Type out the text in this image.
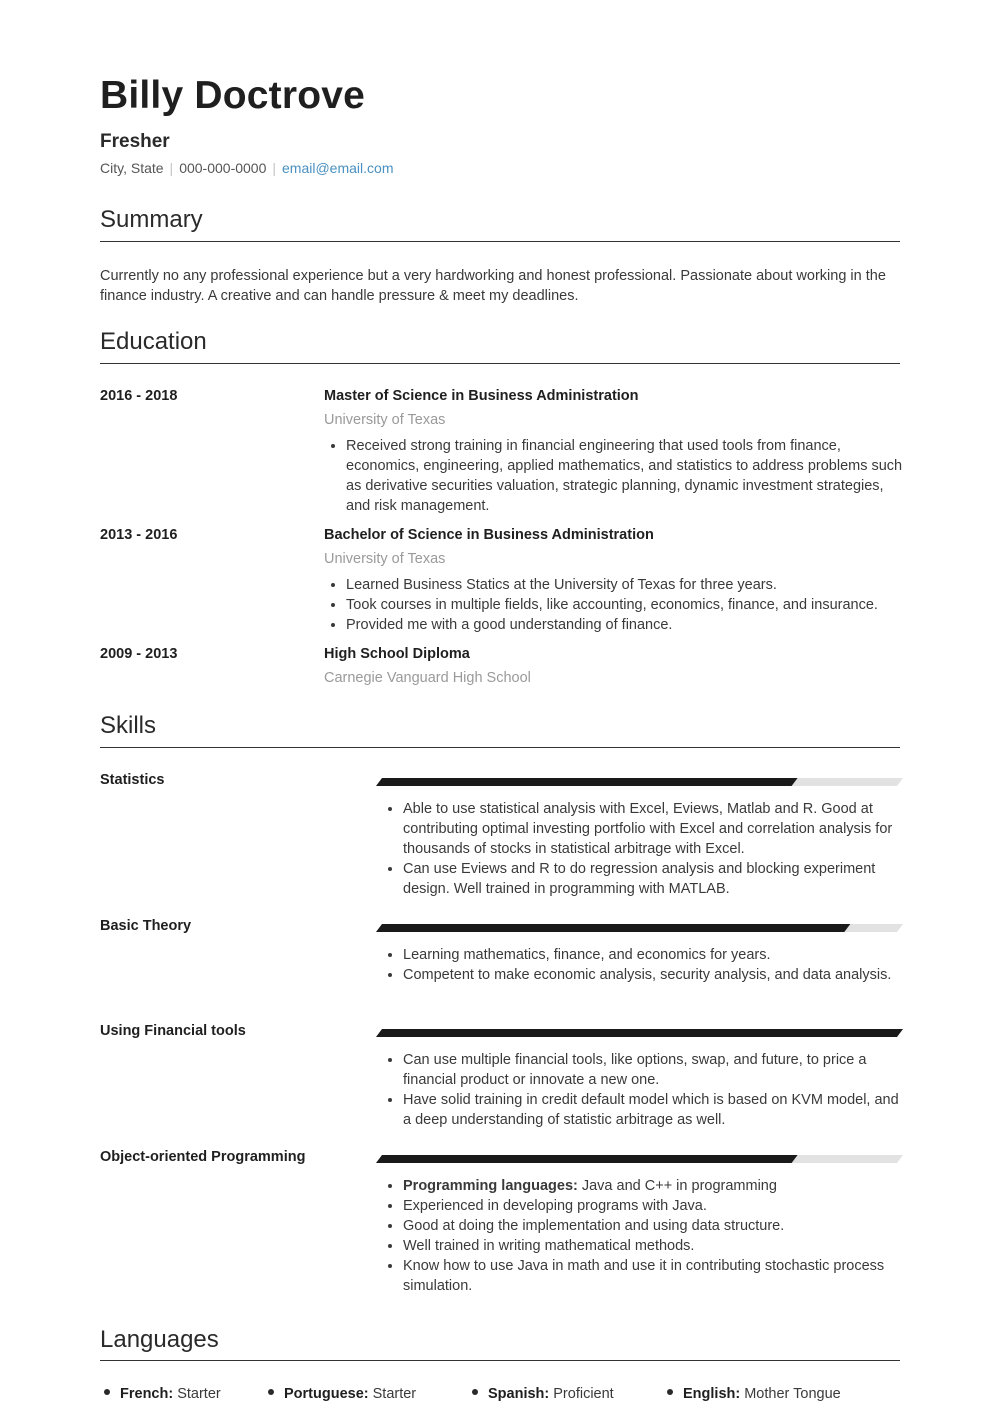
Billy Doctrove
Fresher
City, State | 000-000-0000 | email@email.com
Summary
Currently no any professional experience but a very hardworking and honest professional. Passionate about working in the finance industry. A creative and can handle pressure & meet my deadlines.
Education
2016 - 2018	Master of Science in Business Administration
University of Texas
• Received strong training in financial engineering that used tools from finance, economics, engineering, applied mathematics, and statistics to address problems such as derivative securities valuation, strategic planning, dynamic investment strategies, and risk management.
2013 - 2016	Bachelor of Science in Business Administration
University of Texas
• Learned Business Statics at the University of Texas for three years.
• Took courses in multiple fields, like accounting, economics, finance, and insurance.
• Provided me with a good understanding of finance.
2009 - 2013	High School Diploma
Carnegie Vanguard High School
Skills
Statistics
• Able to use statistical analysis with Excel, Eviews, Matlab and R. Good at contributing optimal investing portfolio with Excel and correlation analysis for thousands of stocks in statistical arbitrage with Excel.
• Can use Eviews and R to do regression analysis and blocking experiment design. Well trained in programming with MATLAB.
Basic Theory
• Learning mathematics, finance, and economics for years.
• Competent to make economic analysis, security analysis, and data analysis.
Using Financial tools
• Can use multiple financial tools, like options, swap, and future, to price a financial product or innovate a new one.
• Have solid training in credit default model which is based on KVM model, and a deep understanding of statistic arbitrage as well.
Object-oriented Programming
• Programming languages: Java and C++ in programming
• Experienced in developing programs with Java.
• Good at doing the implementation and using data structure.
• Well trained in writing mathematical methods.
• Know how to use Java in math and use it in contributing stochastic process simulation.
Languages
French: Starter	Portuguese: Starter	Spanish: Proficient	English: Mother Tongue
